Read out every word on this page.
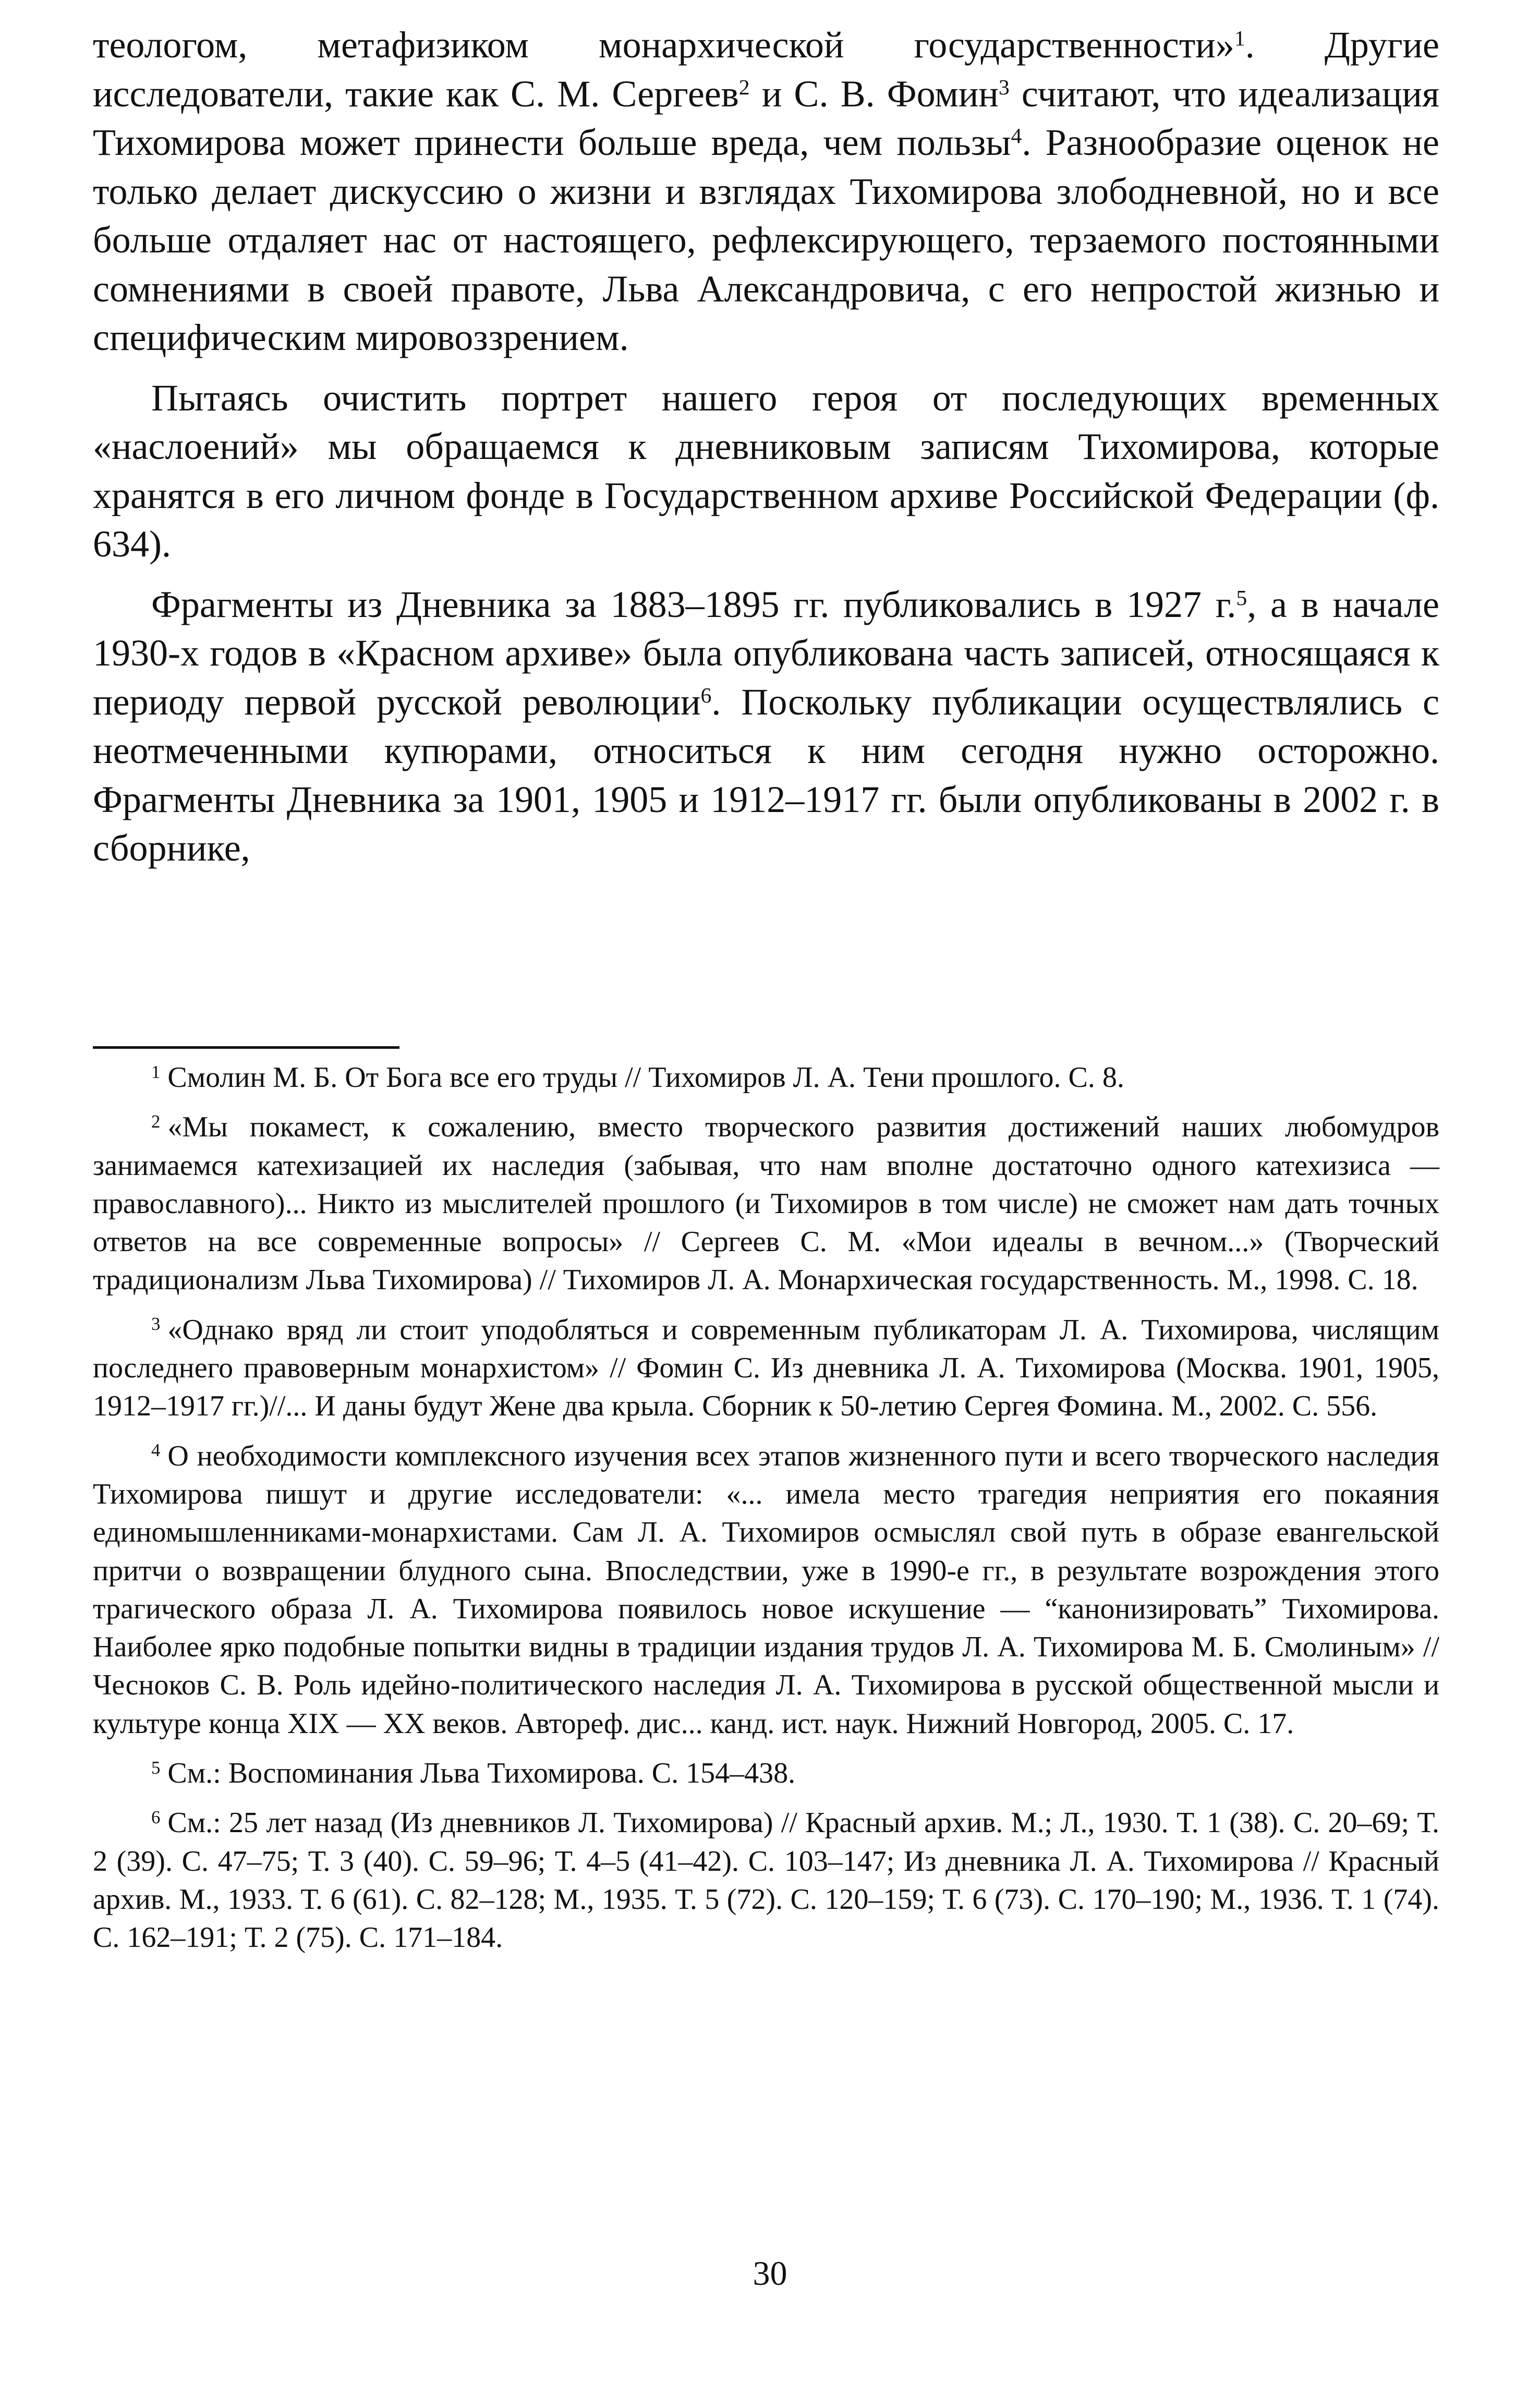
теологом, метафизиком монархической государственности»$^1$. Другие исследователи, такие как С. М. Сергеев$^2$ и С. В. Фомин$^3$ считают, что идеализация Тихомирова может принести больше вреда, чем пользы$^4$. Разнообразие оценок не только делает дискуссию о жизни и взглядах Тихомирова злободневной, но и все больше отдаляет нас от настоящего, рефлексирующего, терзаемого постоянными сомнениями в своей правоте, Льва Александровича, с его непростой жизнью и специфическим мировоззрением.

Пытаясь очистить портрет нашего героя от последующих временных «наслоений» мы обращаемся к дневниковым записям Тихомирова, которые хранятся в его личном фонде в Государственном архиве Российской Федерации (ф. 634).

Фрагменты из Дневника за 1883–1895 гг. публиковались в 1927 г.$^5$, а в начале 1930-х годов в «Красном архиве» была опубликована часть записей, относящаяся к периоду первой русской революции$^6$. Поскольку публикации осуществлялись с неотмеченными купюрами, относиться к ним сегодня нужно осторожно. Фрагменты Дневника за 1901, 1905 и 1912–1917 гг. были опубликованы в 2002 г. в сборнике,

$^1$ Смолин М. Б. От Бога все его труды // Тихомиров Л. А. Тени прошлого. С. 8.
$^2$ «Мы покамест, к сожалению, вместо творческого развития достижений наших любомудров занимаемся катехизацией их наследия (забывая, что нам вполне достаточно одного катехизиса — православного)... Никто из мыслителей прошлого (и Тихомиров в том числе) не сможет нам дать точных ответов на все современные вопросы» // Сергеев С. М. «Мои идеалы в вечном...» (Творческий традиционализм Льва Тихомирова) // Тихомиров Л. А. Монархическая государственность. М., 1998. С. 18.
$^3$ «Однако вряд ли стоит уподобляться и современным публикаторам Л. А. Тихомирова, числящим последнего правоверным монархистом» // Фомин С. Из дневника Л. А. Тихомирова (Москва. 1901, 1905, 1912–1917 гг.)//... И даны будут Жене два крыла. Сборник к 50-летию Сергея Фомина. М., 2002. С. 556.
$^4$ О необходимости комплексного изучения всех этапов жизненного пути и всего творческого наследия Тихомирова пишут и другие исследователи: «... имела место трагедия неприятия его покаяния единомышленниками-монархистами. Сам Л. А. Тихомиров осмыслял свой путь в образе евангельской притчи о возвращении блудного сына. Впоследствии, уже в 1990-е гг., в результате возрождения этого трагического образа Л. А. Тихомирова появилось новое искушение — “канонизировать” Тихомирова. Наиболее ярко подобные попытки видны в традиции издания трудов Л. А. Тихомирова М. Б. Смолиным» // Чесноков С. В. Роль идейно-политического наследия Л. А. Тихомирова в русской общественной мысли и культуре конца XIX — XX веков. Автореф. дис... канд. ист. наук. Нижний Новгород, 2005. С. 17.
$^5$ См.: Воспоминания Льва Тихомирова. С. 154–438.
$^6$ См.: 25 лет назад (Из дневников Л. Тихомирова) // Красный архив. М.; Л., 1930. Т. 1 (38). С. 20–69; Т. 2 (39). С. 47–75; Т. 3 (40). С. 59–96; Т. 4–5 (41–42). С. 103–147; Из дневника Л. А. Тихомирова // Красный архив. М., 1933. Т. 6 (61). С. 82–128; М., 1935. Т. 5 (72). С. 120–159; Т. 6 (73). С. 170–190; М., 1936. Т. 1 (74). С. 162–191; Т. 2 (75). С. 171–184.
30
